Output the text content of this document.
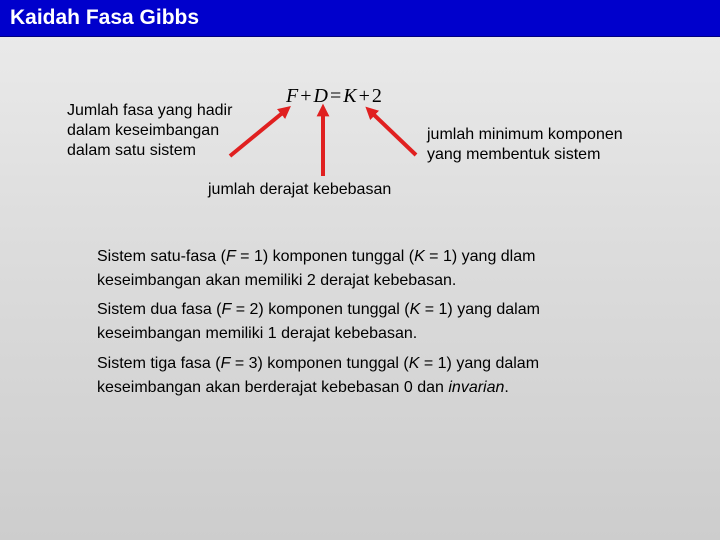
Kaidah Fasa Gibbs
F + D = K + 2
Jumlah fasa yang hadir
dalam keseimbangan
dalam satu sistem
jumlah minimum komponen
yang membentuk sistem
jumlah derajat kebebasan

Sistem satu-fasa (F = 1) komponen tunggal (K = 1) yang dlam

keseimbangan akan memiliki 2 derajat kebebasan.

Sistem dua fasa (F = 2) komponen tunggal (K = 1) yang dalam

keseimbangan memiliki 1 derajat kebebasan.

Sistem tiga fasa (F = 3) komponen tunggal (K = 1) yang dalam

keseimbangan akan berderajat kebebasan 0 dan invarian.
